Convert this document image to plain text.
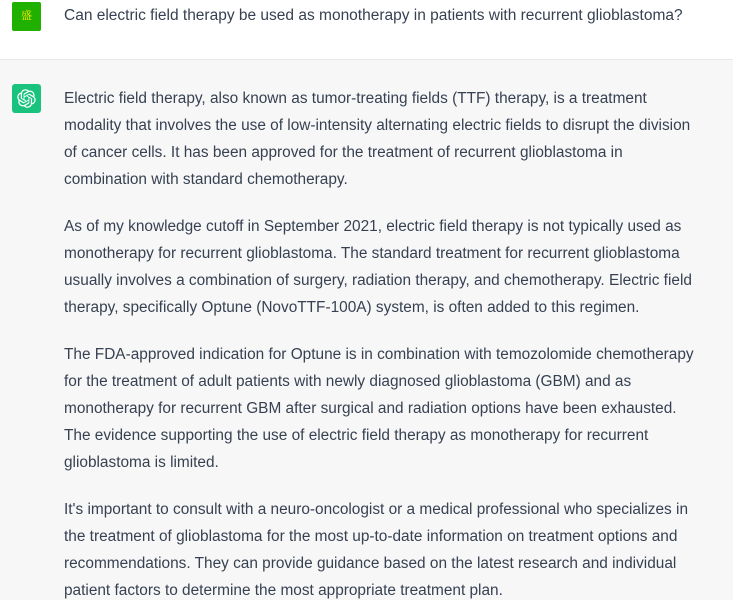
盛	Can electric field therapy be used as monotherapy in patients with recurrent glioblastoma?

Electric field therapy, also known as tumor-treating fields (TTF) therapy, is a treatment modality that involves the use of low-intensity alternating electric fields to disrupt the division of cancer cells. It has been approved for the treatment of recurrent glioblastoma in combination with standard chemotherapy.

As of my knowledge cutoff in September 2021, electric field therapy is not typically used as monotherapy for recurrent glioblastoma. The standard treatment for recurrent glioblastoma usually involves a combination of surgery, radiation therapy, and chemotherapy. Electric field therapy, specifically Optune (NovoTTF-100A) system, is often added to this regimen.

The FDA-approved indication for Optune is in combination with temozolomide chemotherapy for the treatment of adult patients with newly diagnosed glioblastoma (GBM) and as monotherapy for recurrent GBM after surgical and radiation options have been exhausted. The evidence supporting the use of electric field therapy as monotherapy for recurrent glioblastoma is limited.

It's important to consult with a neuro-oncologist or a medical professional who specializes in the treatment of glioblastoma for the most up-to-date information on treatment options and recommendations. They can provide guidance based on the latest research and individual patient factors to determine the most appropriate treatment plan.
